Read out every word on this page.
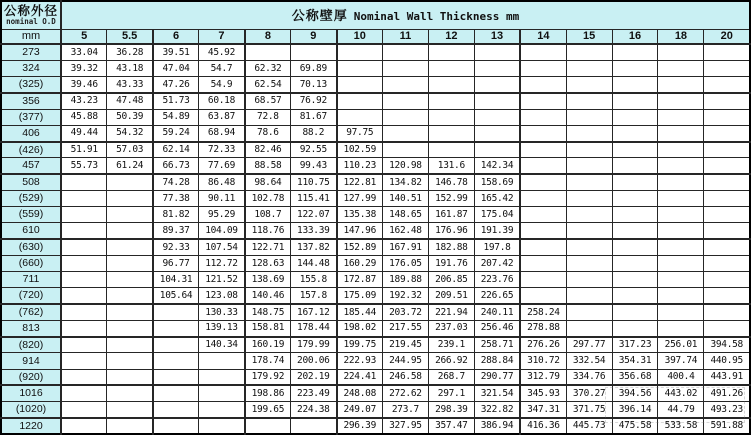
公称外径
nominal O.D	公称壁厚 Nominal Wall Thickness mm														
mm	5	5.5	6	7	8	9	10	11	12	13	14	15	16	18	20
273	33.04	36.28	39.51	45.92											
324	39.32	43.18	47.04	54.7	62.32	69.89									
(325)	39.46	43.33	47.26	54.9	62.54	70.13									
356	43.23	47.48	51.73	60.18	68.57	76.92									
(377)	45.88	50.39	54.89	63.87	72.8	81.67									
406	49.44	54.32	59.24	68.94	78.6	88.2	97.75								
(426)	51.91	57.03	62.14	72.33	82.46	92.55	102.59								
457	55.73	61.24	66.73	77.69	88.58	99.43	110.23	120.98	131.6	142.34					
508			74.28	86.48	98.64	110.75	122.81	134.82	146.78	158.69					
(529)			77.38	90.11	102.78	115.41	127.99	140.51	152.99	165.42					
(559)			81.82	95.29	108.7	122.07	135.38	148.65	161.87	175.04					
610			89.37	104.09	118.76	133.39	147.96	162.48	176.96	191.39					
(630)			92.33	107.54	122.71	137.82	152.89	167.91	182.88	197.8					
(660)			96.77	112.72	128.63	144.48	160.29	176.05	191.76	207.42					
711			104.31	121.52	138.69	155.8	172.87	189.88	206.85	223.76					
(720)			105.64	123.08	140.46	157.8	175.09	192.32	209.51	226.65					
(762)				130.33	148.75	167.12	185.44	203.72	221.94	240.11	258.24				
813				139.13	158.81	178.44	198.02	217.55	237.03	256.46	278.88				
(820)				140.34	160.19	179.99	199.75	219.45	239.1	258.71	276.26	297.77	317.23	256.01	394.58
914					178.74	200.06	222.93	244.95	266.92	288.84	310.72	332.54	354.31	397.74	440.95
(920)					179.92	202.19	224.41	246.58	268.7	290.77	312.79	334.76	356.68	400.4	443.91
1016					198.86	223.49	248.08	272.62	297.1	321.54	345.93	370.27	394.56	443.02	491.26
(1020)					199.65	224.38	249.07	273.7	298.39	322.82	347.31	371.75	396.14	44.79	493.23
1220							296.39	327.95	357.47	386.94	416.36	445.73	475.58	533.58	591.88
